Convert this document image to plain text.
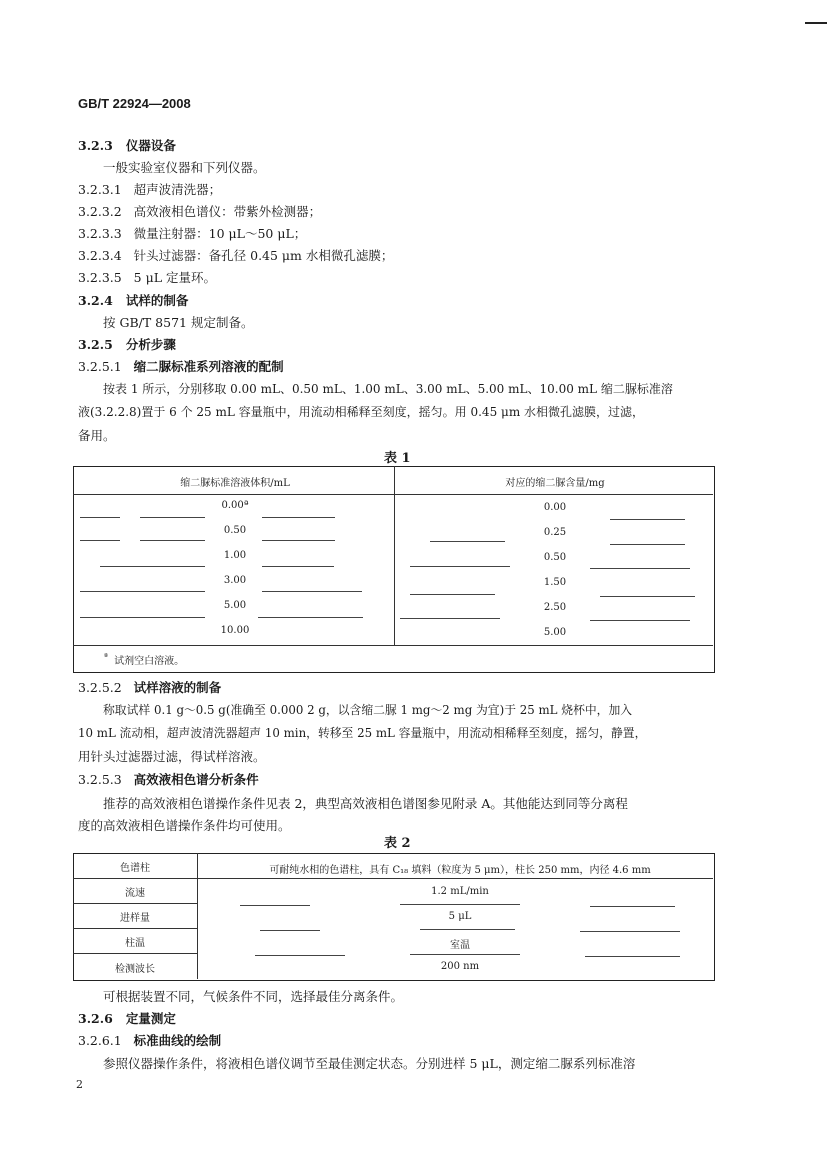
GB/T 22924—2008
3.2.3 仪器设备
一般实验室仪器和下列仪器。
3.2.3.1 超声波清洗器；
3.2.3.2 高效液相色谱仪：带紫外检测器；
3.2.3.3 微量注射器：10 μL～50 μL；
3.2.3.4 针头过滤器：备孔径 0.45 μm 水相微孔滤膜；
3.2.3.5 5 μL 定量环。
3.2.4 试样的制备
按 GB/T 8571 规定制备。
3.2.5 分析步骤
3.2.5.1 缩二脲标准系列溶液的配制
按表 1 所示，分别移取 0.00 mL、0.50 mL、1.00 mL、3.00 mL、5.00 mL、10.00 mL 缩二脲标准溶
液(3.2.2.8)置于 6 个 25 mL 容量瓶中，用流动相稀释至刻度，摇匀。用 0.45 μm 水相微孔滤膜，过滤，
备用。
表 1
缩二脲标准溶液体积/mL	对应的缩二脲含量/mg
0.00ª	0.00
0.50	0.25
1.00	0.50
3.00	1.50
5.00	2.50
10.00	5.00
$^ª$ 试剂空白溶液。
3.2.5.2 试样溶液的制备
称取试样 0.1 g～0.5 g(准确至 0.000 2 g，以含缩二脲 1 mg～2 mg 为宜)于 25 mL 烧杯中，加入
10 mL 流动相，超声波清洗器超声 10 min，转移至 25 mL 容量瓶中，用流动相稀释至刻度，摇匀，静置，
用针头过滤器过滤，得试样溶液。
3.2.5.3 高效液相色谱分析条件
推荐的高效液相色谱操作条件见表 2，典型高效液相色谱图参见附录 A。其他能达到同等分离程
度的高效液相色谱操作条件均可使用。
表 2
色谱柱	可耐纯水相的色谱柱，具有 C₁₈ 填料（粒度为 5 μm），柱长 250 mm，内径 4.6 mm
流速	1.2 mL/min
进样量	5 μL
柱温	室温
检测波长	200 nm
可根据装置不同，气候条件不同，选择最佳分离条件。
3.2.6 定量测定
3.2.6.1 标准曲线的绘制
参照仪器操作条件，将液相色谱仪调节至最佳测定状态。分别进样 5 μL，测定缩二脲系列标准溶
2
